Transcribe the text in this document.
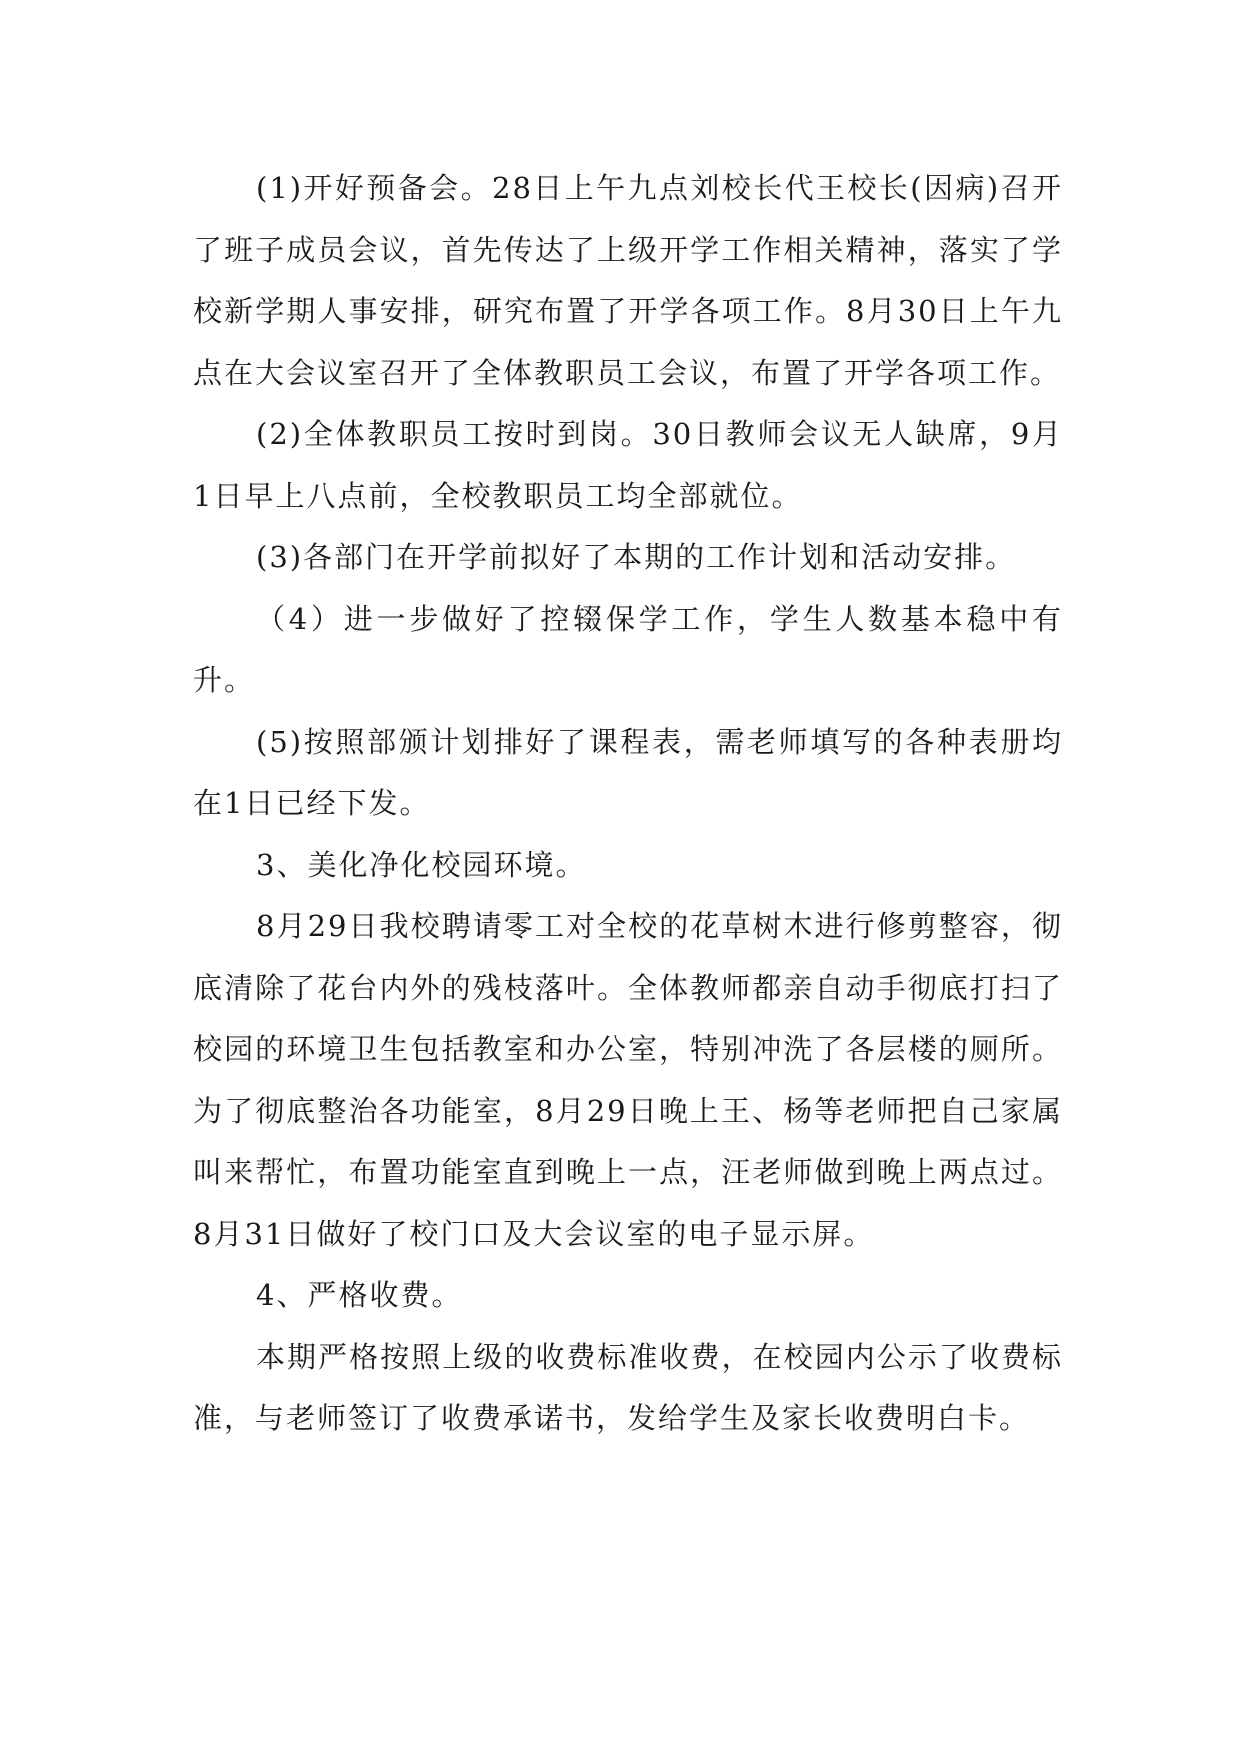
(1)开好预备会。28日上午九点刘校长代王校长(因病)召开了班子成员会议，首先传达了上级开学工作相关精神，落实了学校新学期人事安排，研究布置了开学各项工作。8月30日上午九点在大会议室召开了全体教职员工会议，布置了开学各项工作。

(2)全体教职员工按时到岗。30日教师会议无人缺席，9月1日早上八点前，全校教职员工均全部就位。

(3)各部门在开学前拟好了本期的工作计划和活动安排。

（4）进一步做好了控辍保学工作，学生人数基本稳中有升。

(5)按照部颁计划排好了课程表，需老师填写的各种表册均在1日已经下发。

3、美化净化校园环境。

8月29日我校聘请零工对全校的花草树木进行修剪整容，彻底清除了花台内外的残枝落叶。全体教师都亲自动手彻底打扫了校园的环境卫生包括教室和办公室，特别冲洗了各层楼的厕所。为了彻底整治各功能室，8月29日晚上王、杨等老师把自己家属叫来帮忙，布置功能室直到晚上一点，汪老师做到晚上两点过。8月31日做好了校门口及大会议室的电子显示屏。

4、严格收费。

本期严格按照上级的收费标准收费，在校园内公示了收费标准，与老师签订了收费承诺书，发给学生及家长收费明白卡。
